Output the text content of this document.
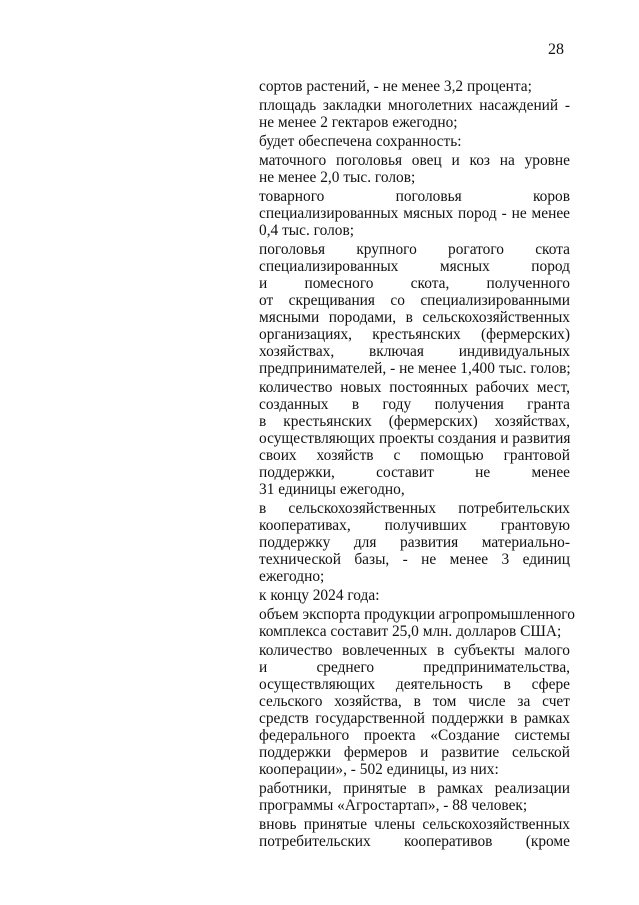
28
сортов растений, - не менее 3,2 процента;
площадь закладки многолетних насаждений -
не менее 2 гектаров ежегодно;
будет обеспечена сохранность:
маточного поголовья овец и коз на уровне
не менее 2,0 тыс. голов;
товарного поголовья коров
специализированных мясных пород - не менее
0,4 тыс. голов;
поголовья крупного рогатого скота
специализированных мясных пород
и помесного скота, полученного
от скрещивания со специализированными
мясными породами, в сельскохозяйственных
организациях, крестьянских (фермерских)
хозяйствах, включая индивидуальных
предпринимателей, - не менее 1,400 тыс. голов;
количество новых постоянных рабочих мест,
созданных в году получения гранта
в крестьянских (фермерских) хозяйствах,
осуществляющих проекты создания и развития
своих хозяйств с помощью грантовой
поддержки, составит не менее
31 единицы ежегодно,
в сельскохозяйственных потребительских
кооперативах, получивших грантовую
поддержку для развития материально-
технической базы, - не менее 3 единиц
ежегодно;
к концу 2024 года:
объем экспорта продукции агропромышленного
комплекса составит 25,0 млн. долларов США;
количество вовлеченных в субъекты малого
и среднего предпринимательства,
осуществляющих деятельность в сфере
сельского хозяйства, в том числе за счет
средств государственной поддержки в рамках
федерального проекта «Создание системы
поддержки фермеров и развитие сельской
кооперации», - 502 единицы, из них:
работники, принятые в рамках реализации
программы «Агростартап», - 88 человек;
вновь принятые члены сельскохозяйственных
потребительских кооперативов (кроме
